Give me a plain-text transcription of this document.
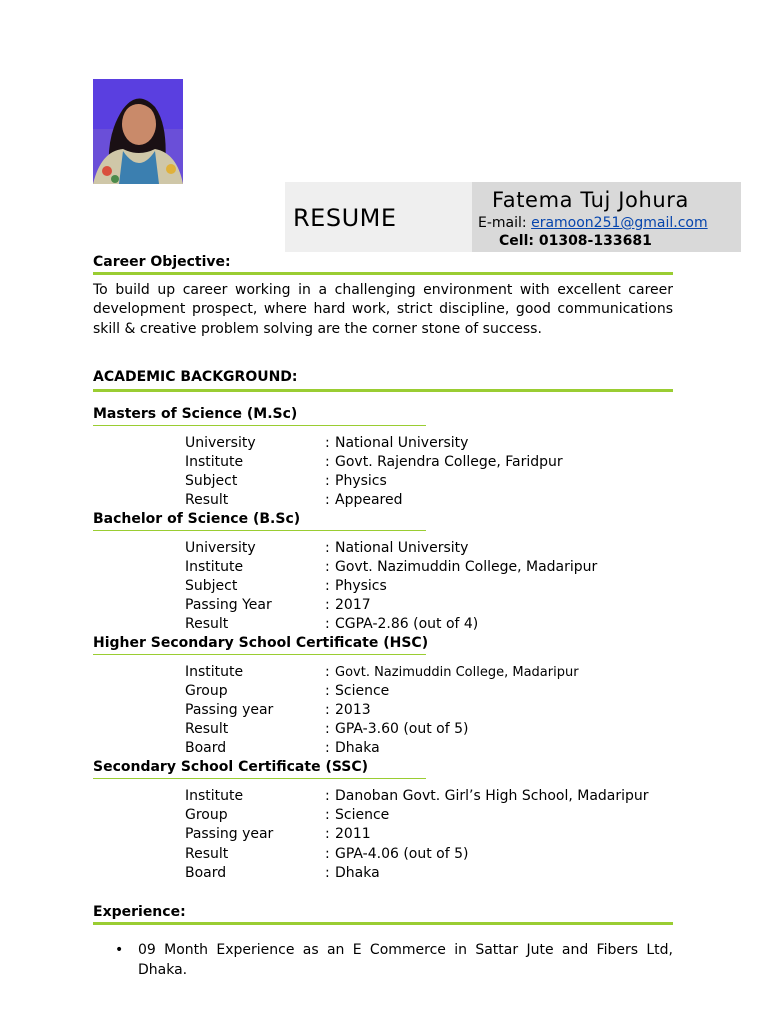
RESUME
Fatema Tuj Johura
E-mail: eramoon251@gmail.com
Cell: 01308-133681
Career Objective:
To build up career working in a challenging environment with excellent career development prospect, where hard work, strict discipline, good communications skill & creative problem solving are the corner stone of success.
ACADEMIC BACKGROUND:
Masters of Science (M.Sc)
University	: National University
Institute	: Govt. Rajendra College, Faridpur
Subject	: Physics
Result	: Appeared
Bachelor of Science (B.Sc)
University	: National University
Institute	: Govt. Nazimuddin College, Madaripur
Subject	: Physics
Passing Year	: 2017
Result	: CGPA-2.86 (out of 4)
Higher Secondary School Certificate (HSC)
Institute	: Govt. Nazimuddin College, Madaripur
Group	: Science
Passing year	: 2013
Result	: GPA-3.60 (out of 5)
Board	: Dhaka
Secondary School Certificate (SSC)
Institute	: Danoban Govt. Girl’s High School, Madaripur
Group	: Science
Passing year	: 2011
Result	: GPA-4.06 (out of 5)
Board	: Dhaka
Experience:
• 09 Month Experience as an E Commerce in Sattar Jute and Fibers Ltd, Dhaka.
